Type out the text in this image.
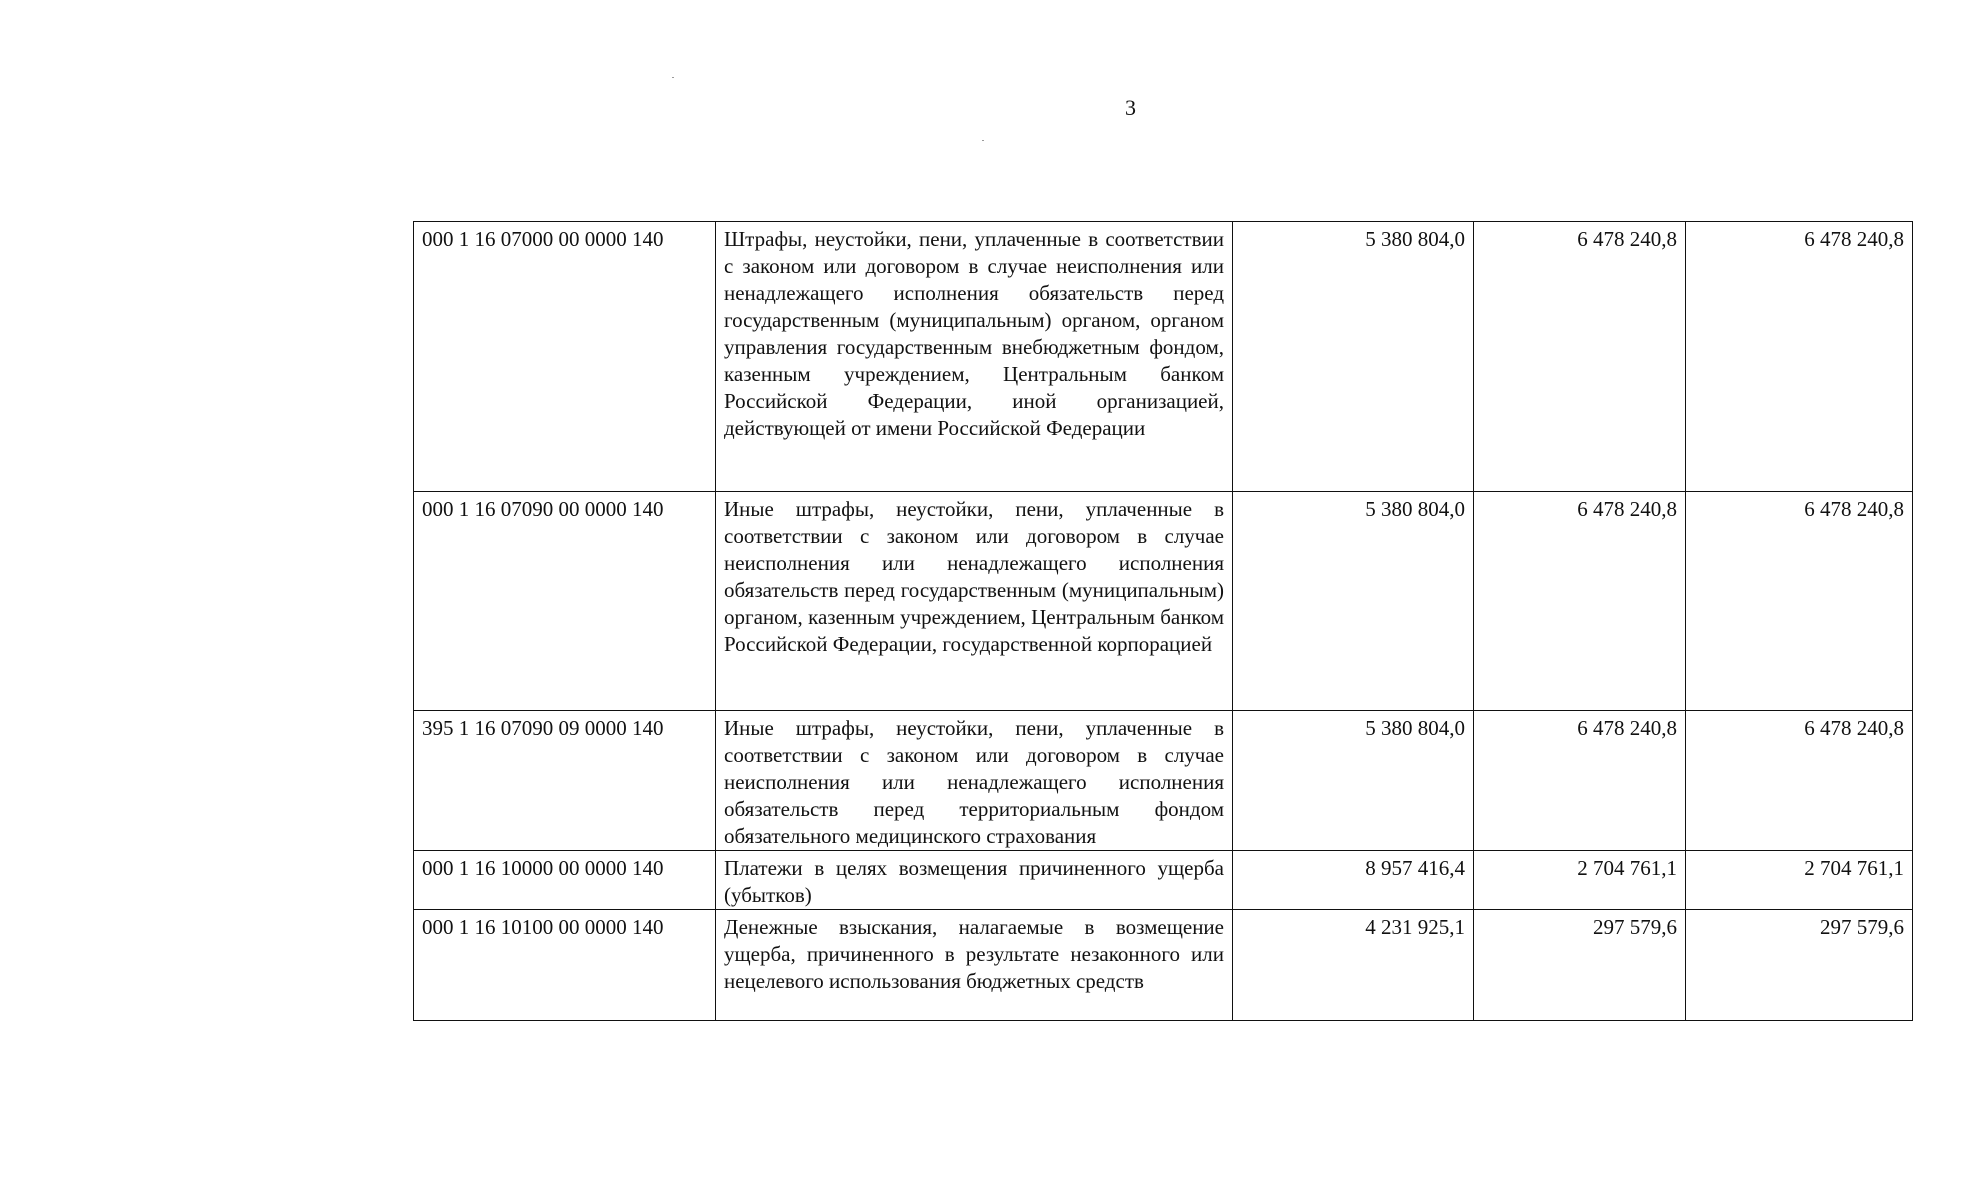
3
000 1 16 07000 00 0000 140	Штрафы, неустойки, пени, уплаченные в соответствии с законом или договором в случае неисполнения или ненадлежащего исполнения обязательств перед государственным (муниципальным) органом, органом управления государственным внебюджетным фондом, казенным учреждением, Центральным банком Российской Федерации, иной организацией, действующей от имени Российской Федерации	5 380 804,0	6 478 240,8	6 478 240,8
000 1 16 07090 00 0000 140	Иные штрафы, неустойки, пени, уплаченные в соответствии с законом или договором в случае неисполнения или ненадлежащего исполнения обязательств перед государственным (муниципальным) органом, казенным учреждением, Центральным банком Российской Федерации, государственной корпорацией	5 380 804,0	6 478 240,8	6 478 240,8
395 1 16 07090 09 0000 140	Иные штрафы, неустойки, пени, уплаченные в соответствии с законом или договором в случае неисполнения или ненадлежащего исполнения обязательств перед территориальным фондом обязательного медицинского страхования	5 380 804,0	6 478 240,8	6 478 240,8
000 1 16 10000 00 0000 140	Платежи в целях возмещения причиненного ущерба (убытков)	8 957 416,4	2 704 761,1	2 704 761,1
000 1 16 10100 00 0000 140	Денежные взыскания, налагаемые в возмещение ущерба, причиненного в результате незаконного или нецелевого использования бюджетных средств	4 231 925,1	297 579,6	297 579,6
